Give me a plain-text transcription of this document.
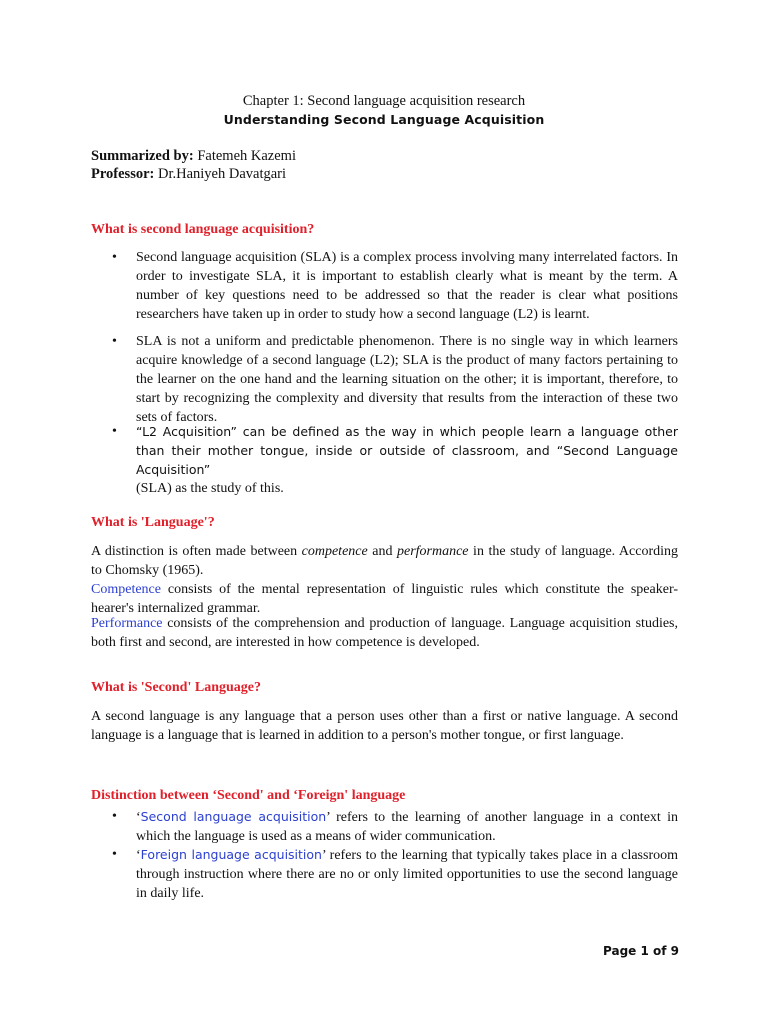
Chapter 1: Second language acquisition research
Understanding Second Language Acquisition
Summarized by: Fatemeh Kazemi
Professor: Dr.Haniyeh Davatgari
What is second language acquisition?
• Second language acquisition (SLA) is a complex process involving many interrelated factors. In order to investigate SLA, it is important to establish clearly what is meant by the term. A number of key questions need to be addressed so that the reader is clear what positions researchers have taken up in order to study how a second language (L2) is learnt.
• SLA is not a uniform and predictable phenomenon. There is no single way in which learners acquire knowledge of a second language (L2); SLA is the product of many factors pertaining to the learner on the one hand and the learning situation on the other; it is important, therefore, to start by recognizing the complexity and diversity that results from the interaction of these two sets of factors.
• “L2 Acquisition” can be defined as the way in which people learn a language other than their mother tongue, inside or outside of classroom, and “Second Language Acquisition”
(SLA) as the study of this.
What is 'Language'?

A distinction is often made between competence and performance in the study of language. According to Chomsky (1965).

Competence consists of the mental representation of linguistic rules which constitute the speaker-hearer's internalized grammar.

Performance consists of the comprehension and production of language. Language acquisition studies, both first and second, are interested in how competence is developed.

What is 'Second' Language?

A second language is any language that a person uses other than a first or native language. A second language is a language that is learned in addition to a person's mother tongue, or first language.

Distinction between ‘Second' and ‘Foreign' language
• ‘Second language acquisition’ refers to the learning of another language in a context in which the language is used as a means of wider communication.
• ‘Foreign language acquisition’ refers to the learning that typically takes place in a classroom through instruction where there are no or only limited opportunities to use the second language in daily life.
Page 1 of 9
